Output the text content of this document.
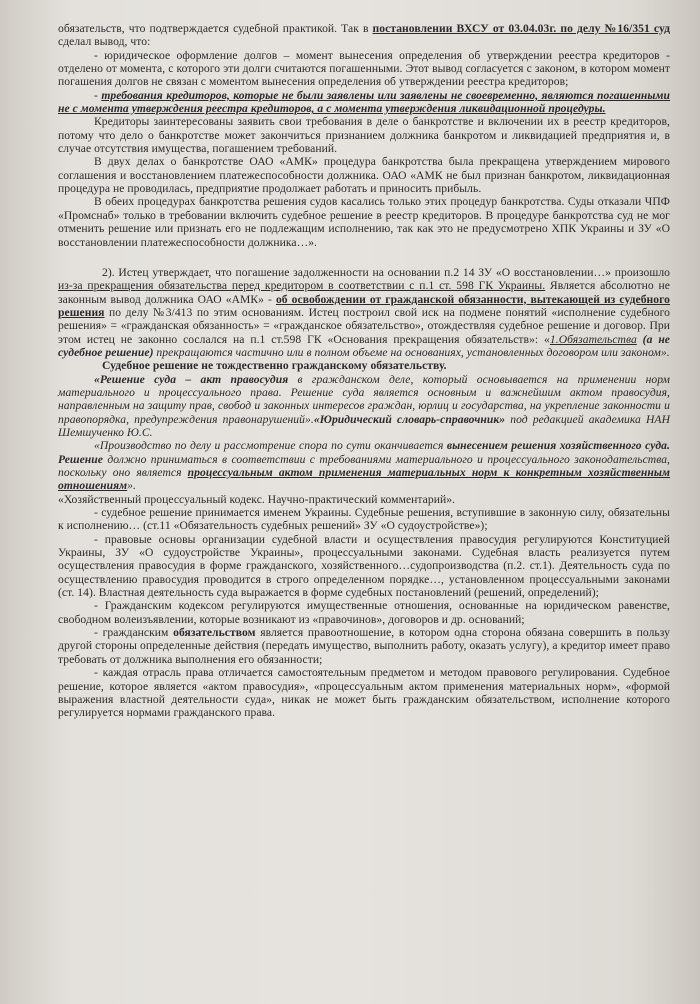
обязательств, что подтверждается судебной практикой. Так в постановлении ВХСУ от 03.04.03г. по делу №16/351 суд сделал вывод, что:

- юридическое оформление долгов – момент вынесения определения об утверждении реестра кредиторов - отделено от момента, с которого эти долги считаются погашенными. Этот вывод согласуется с законом, в котором момент погашения долгов не связан с моментом вынесения определения об утверждении реестра кредиторов;

- требования кредиторов, которые не были заявлены или заявлены не своевременно, являются погашенными не с момента утверждения реестра кредиторов, а с момента утверждения ликвидационной процедуры.

Кредиторы заинтересованы заявить свои требования в деле о банкротстве и включении их в реестр кредиторов, потому что дело о банкротстве может закончиться признанием должника банкротом и ликвидацией предприятия и, в случае отсутствия имущества, погашением требований.

В двух делах о банкротстве ОАО «АМК» процедура банкротства была прекращена утверждением мирового соглашения и восстановлением платежеспособности должника. ОАО «АМК не был признан банкротом, ликвидационная процедура не проводилась, предприятие продолжает работать и приносить прибыль.

В обеих процедурах банкротства решения судов касались только этих процедур банкротства. Суды отказали ЧПФ «Промснаб» только в требовании включить судебное решение в реестр кредиторов. В процедуре банкротства суд не мог отменить решение или признать его не подлежащим исполнению, так как это не предусмотрено ХПК Украины и ЗУ «О восстановлении платежеспособности должника…».

2). Истец утверждает, что погашение задолженности на основании п.2 14 ЗУ «О восстановлении…» произошло из-за прекращения обязательства перед кредитором в соответствии с п.1 ст. 598 ГК Украины. Является абсолютно не законным вывод должника ОАО «АМК» - об освобождении от гражданской обязанности, вытекающей из судебного решения по делу №3/413 по этим основаниям. Истец построил свой иск на подмене понятий «исполнение судебного решения» = «гражданская обязанность» = «гражданское обязательство», отождествляя судебное решение и договор. При этом истец не законно сослался на п.1 ст.598 ГК «Основания прекращения обязательств»: «1.Обязательства (а не судебное решение) прекращаются частично или в полном объеме на основаниях, установленных договором или законом».

Судебное решение не тождественно гражданскому обязательству.

«Решение суда – акт правосудия в гражданском деле, который основывается на применении норм материального и процессуального права. Решение суда является основным и важнейшим актом правосудия, направленным на защиту прав, свобод и законных интересов граждан, юрлиц и государства, на укрепление законности и правопорядка, предупреждения правонарушений».«Юридический словарь-справочник» под редакцией академика НАН Шемшученко Ю.С.

«Производство по делу и рассмотрение спора по сути оканчивается вынесением решения хозяйственного суда. Решение должно приниматься в соответствии с требованиями материального и процессуального законодательства, поскольку оно является процессуальным актом применения материальных норм к конкретным хозяйственным отношениям».

«Хозяйственный процессуальный кодекс. Научно-практический комментарий».

- судебное решение принимается именем Украины. Судебные решения, вступившие в законную силу, обязательны к исполнению… (ст.11 «Обязательность судебных решений» ЗУ «О судоустройстве»);

- правовые основы организации судебной власти и осуществления правосудия регулируются Конституцией Украины, ЗУ «О судоустройстве Украины», процессуальными законами. Судебная власть реализуется путем осуществления правосудия в форме гражданского, хозяйственного…судопроизводства (п.2. ст.1). Деятельность суда по осуществлению правосудия проводится в строго определенном порядке…, установленном процессуальными законами (ст. 14). Властная деятельность суда выражается в форме судебных постановлений (решений, определений);

- Гражданским кодексом регулируются имущественные отношения, основанные на юридическом равенстве, свободном волеизъявлении, которые возникают из «правочинов», договоров и др. оснований;

- гражданским обязательством является правоотношение, в котором одна сторона обязана совершить в пользу другой стороны определенные действия (передать имущество, выполнить работу, оказать услугу), а кредитор имеет право требовать от должника выполнения его обязанности;

- каждая отрасль права отличается самостоятельным предметом и методом правового регулирования. Судебное решение, которое является «актом правосудия», «процессуальным актом применения материальных норм», «формой выражения властной деятельности суда», никак не может быть гражданским обязательством, исполнение которого регулируется нормами гражданского права.
